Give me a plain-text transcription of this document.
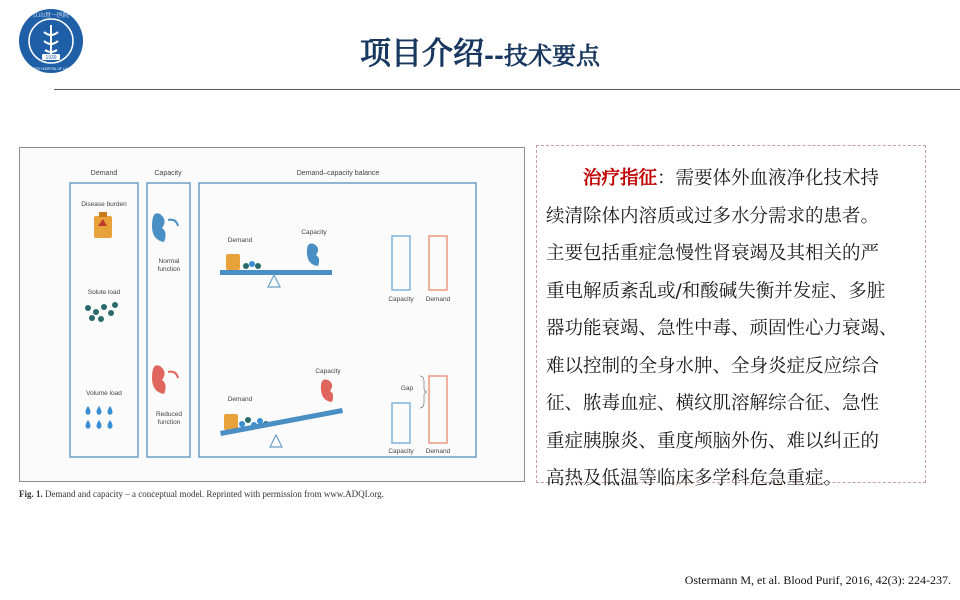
1939
江山卅一医院
THE FIRST HOSPITAL OF LANZHOU	项目介绍--技术要点
Demand	Capacity	Demand–capacity balance
Disease burden
Solute load
Volume load
Normal
function
Reduced
function
Demand
Capacity
Capacity Demand
Demand
Capacity
Gap
Capacity Demand
Fig. 1. Demand and capacity – a conceptual model. Reprinted with permission from www.ADQI.org.
治疗指征：需要体外血液净化技术持
续清除体内溶质或过多水分需求的患者。
主要包括重症急慢性肾衰竭及其相关的严
重电解质紊乱或/和酸碱失衡并发症、多脏
器功能衰竭、急性中毒、顽固性心力衰竭、
难以控制的全身水肿、全身炎症反应综合
征、脓毒血症、横纹肌溶解综合征、急性
重症胰腺炎、重度颅脑外伤、难以纠正的
高热及低温等临床多学科危急重症。
Ostermann M, et al. Blood Purif, 2016, 42(3): 224-237.
